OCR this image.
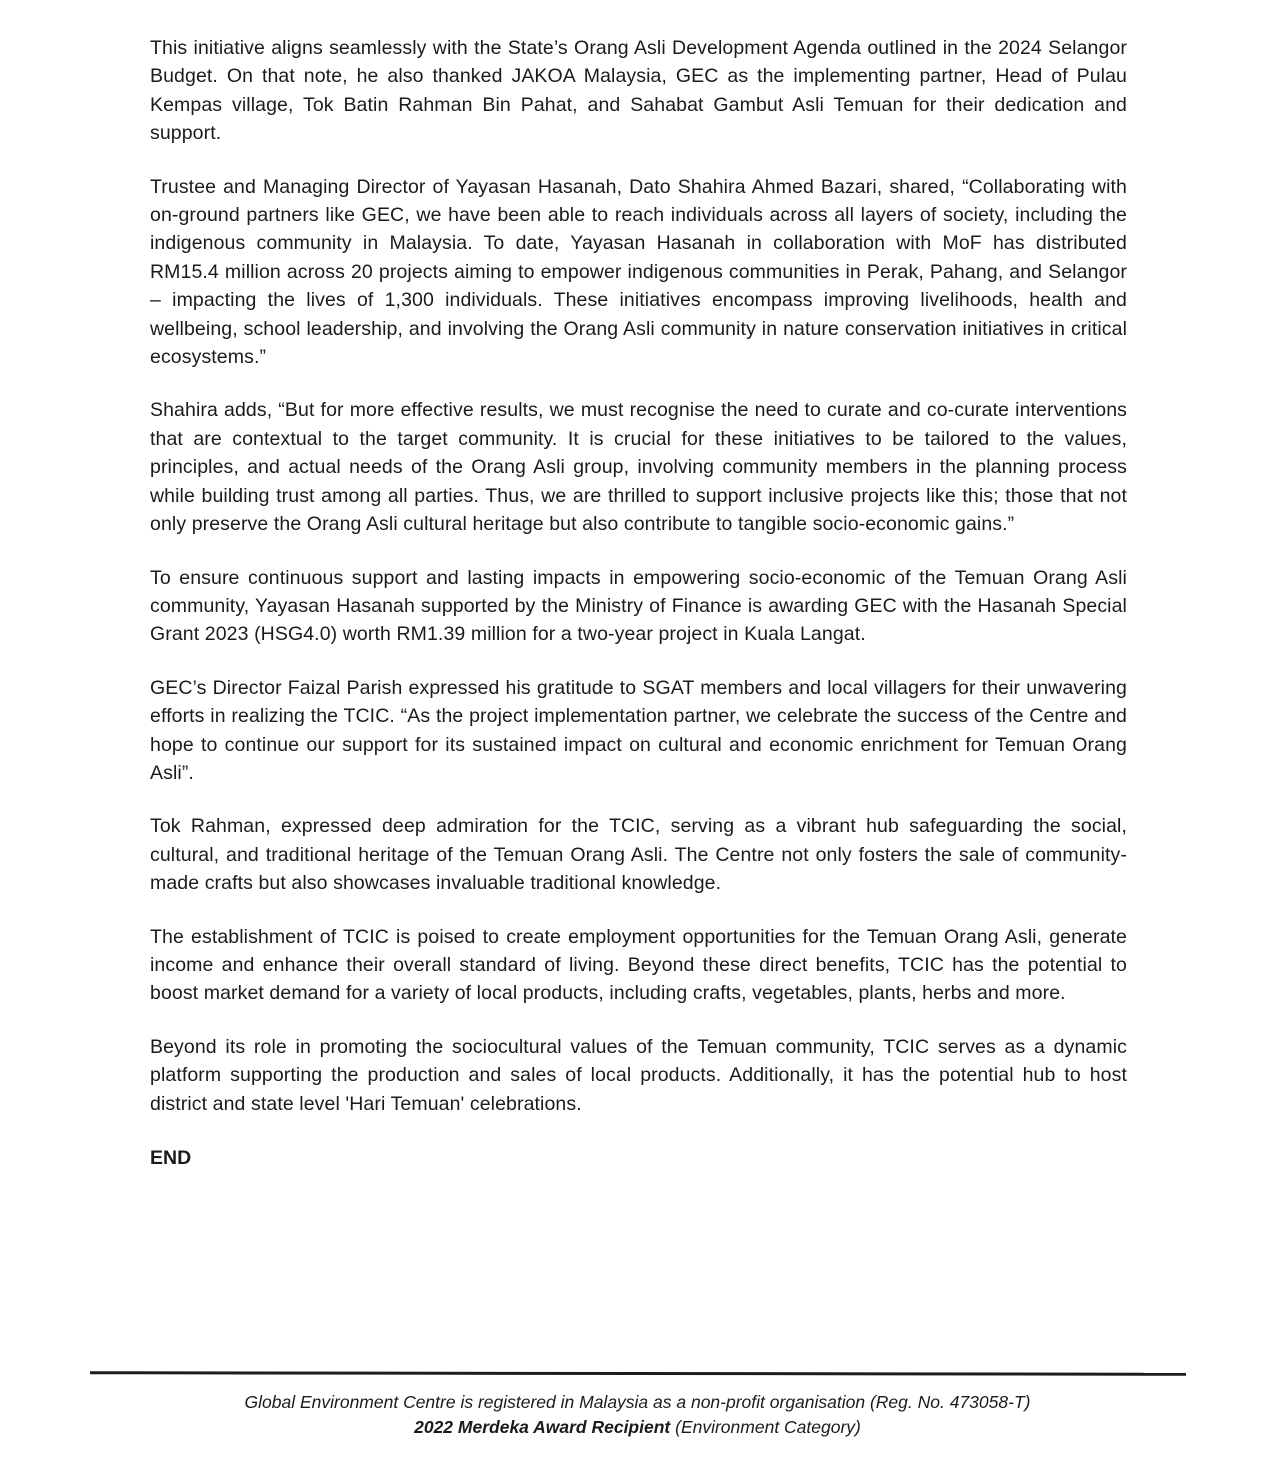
This initiative aligns seamlessly with the State’s Orang Asli Development Agenda outlined in the 2024 Selangor Budget. On that note, he also thanked JAKOA Malaysia, GEC as the implementing partner, Head of Pulau Kempas village, Tok Batin Rahman Bin Pahat, and Sahabat Gambut Asli Temuan for their dedication and support.

Trustee and Managing Director of Yayasan Hasanah, Dato Shahira Ahmed Bazari, shared, “Collaborating with on-ground partners like GEC, we have been able to reach individuals across all layers of society, including the indigenous community in Malaysia. To date, Yayasan Hasanah in collaboration with MoF has distributed RM15.4 million across 20 projects aiming to empower indigenous communities in Perak, Pahang, and Selangor – impacting the lives of 1,300 individuals. These initiatives encompass improving livelihoods, health and wellbeing, school leadership, and involving the Orang Asli community in nature conservation initiatives in critical ecosystems.”

Shahira adds, “But for more effective results, we must recognise the need to curate and co-curate interventions that are contextual to the target community. It is crucial for these initiatives to be tailored to the values, principles, and actual needs of the Orang Asli group, involving community members in the planning process while building trust among all parties. Thus, we are thrilled to support inclusive projects like this; those that not only preserve the Orang Asli cultural heritage but also contribute to tangible socio-economic gains.”

To ensure continuous support and lasting impacts in empowering socio-economic of the Temuan Orang Asli community, Yayasan Hasanah supported by the Ministry of Finance is awarding GEC with the Hasanah Special Grant 2023 (HSG4.0) worth RM1.39 million for a two-year project in Kuala Langat.

GEC’s Director Faizal Parish expressed his gratitude to SGAT members and local villagers for their unwavering efforts in realizing the TCIC. “As the project implementation partner, we celebrate the success of the Centre and hope to continue our support for its sustained impact on cultural and economic enrichment for Temuan Orang Asli”.

Tok Rahman, expressed deep admiration for the TCIC, serving as a vibrant hub safeguarding the social, cultural, and traditional heritage of the Temuan Orang Asli. The Centre not only fosters the sale of community-made crafts but also showcases invaluable traditional knowledge.

The establishment of TCIC is poised to create employment opportunities for the Temuan Orang Asli, generate income and enhance their overall standard of living. Beyond these direct benefits, TCIC has the potential to boost market demand for a variety of local products, including crafts, vegetables, plants, herbs and more.

Beyond its role in promoting the sociocultural values of the Temuan community, TCIC serves as a dynamic platform supporting the production and sales of local products. Additionally, it has the potential hub to host district and state level 'Hari Temuan' celebrations.

END

Global Environment Centre is registered in Malaysia as a non-profit organisation (Reg. No. 473058-T)
2022 Merdeka Award Recipient (Environment Category)
